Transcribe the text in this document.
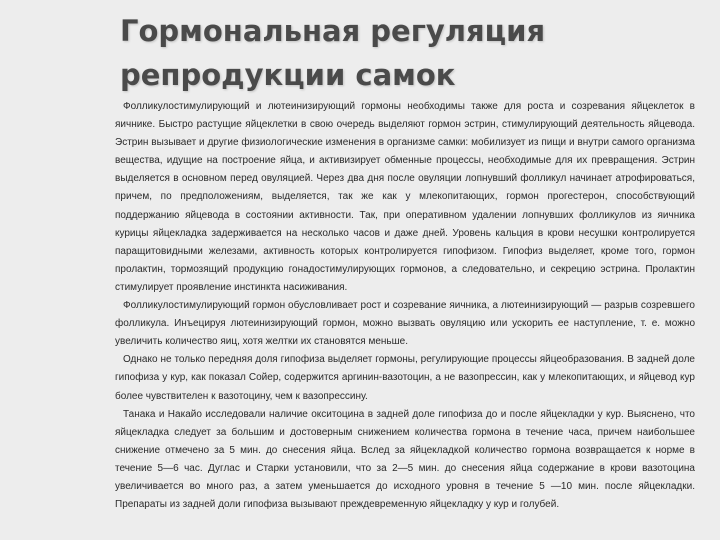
Гормональная регуляция
репродукции самок

Фолликулостимулирующий и лютеинизирующий гормоны необходимы также для роста и созревания яйцеклеток в яичнике. Быстро растущие яйцеклетки в свою очередь выделяют гормон эстрин, стимулирующий деятельность яйцевода. Эстрин вызывает и другие физиологические изменения в организме самки: мобилизует из пищи и внутри самого организма вещества, идущие на построение яйца, и активизирует обменные процессы, необходимые для их превращения. Эстрин выделяется в основном перед овуляцией. Через два дня после овуляции лопнувший фолликул начинает атрофироваться, причем, по предположениям, выделяется, так же как у млекопитающих, гормон прогестерон, способствующий поддержанию яйцевода в состоянии активности. Так, при оперативном удалении лопнувших фолликулов из яичника курицы яйцекладка задерживается на несколько часов и даже дней. Уровень кальция в крови несушки контролируется паращитовидными железами, активность которых контролируется гипофизом. Гипофиз выделяет, кроме того, гормон пролактин, тормозящий продукцию гонадостимулирующих гормонов, а следовательно, и секрецию эстрина. Пролактин стимулирует проявление инстинкта насиживания.

Фолликулостимулирующий гормон обусловливает рост и созревание яичника, а лютеинизирующий — разрыв созревшего фолликула. Инъецируя лютеинизирующий гормон, можно вызвать овуляцию или ускорить ее наступление, т. е. можно увеличить количество яиц, хотя желтки их становятся меньше.

Однако не только передняя доля гипофиза выделяет гормоны, регулирующие процессы яйцеобразования. В задней доле гипофиза у кур, как показал Сойер, содержится аргинин-вазотоцин, а не вазопрессин, как у млекопитающих, и яйцевод кур более чувствителен к вазотоцину, чем к вазопрессину.

Танака и Накайо исследовали наличие окситоцина в задней доле гипофиза до и после яйцекладки у кур. Выяснено, что яйцекладка следует за большим и достоверным снижением количества гормона в течение часа, причем наибольшее снижение отмечено за 5 мин. до снесения яйца. Вслед за яйцекладкой количество гормона возвращается к норме в течение 5—6 час. Дуглас и Старки установили, что за 2—5 мин. до снесения яйца содержание в крови вазотоцина увеличивается во много раз, а затем уменьшается до исходного уровня в течение 5 —10 мин. после яйцекладки. Препараты из задней доли гипофиза вызывают преждевременную яйцекладку у кур и голубей.
